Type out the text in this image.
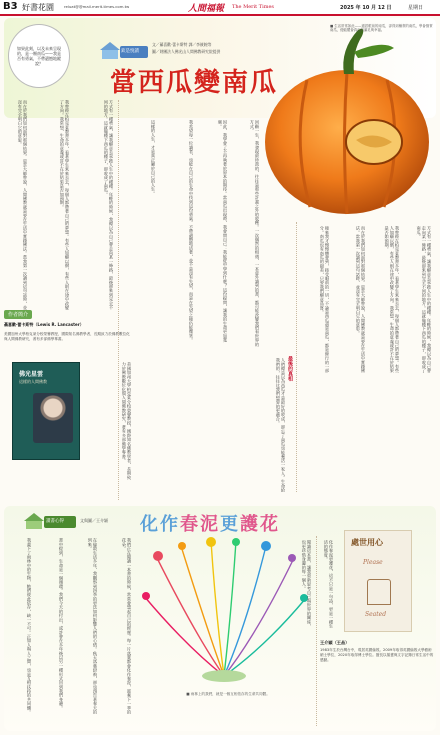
B3 好書花園	reluat@@mail.merit-times.com.tw	人間福報 The Merit Times	2025 年 10 月 12 日	星期日
如果此刻，以及未來呈現的，是一顆南瓜——我是否有勇氣，不帶遺憾地縱說？
欽是悅讀
文／聶喜歡‧蕾卡斯特 譯／李筱婉等
圖／財團法人佛光山人間佛教研究院提供
當西瓜變南瓜
方式有一種勇氣，讓我願意去承擔人生中的種種。年輕的時候，我總以為自己會走向某一條路，最後卻來到完全不同的地方。這就像種下西瓜的種子，卻收成了南瓜。
我曾經在柏克萊教書多年，看著學生來來去去，每個人都帶著自己的夢想。有些人如願以償，有些人則在途中改變了方向。我常想，生命的意義或許不在於結果是否如預期。
而在於我們如何面對那個結果。星雲大師曾說，人間佛教就是要在生活中實踐佛法。當我第一次讀到這句話時，並沒有完全明白它的意思。
後來我才慢慢體會到，接受眼前的一切，不論是西瓜還是南瓜，都是修行的一部分。南瓜也有南瓜的甜美，只要我們願意品嘗。
■ 生活常常如此——還認眼前的南瓜，卻得到種實的南瓜，學會揹實南瓜，便能體會真正的滿足與幸福。
回顧一生，我發現最珍貴的，往往是那些計畫之外的收穫。一次偶然的相遇，一本意外讀到的書，都可能改變我們看世界的方式。
因此，我學會了不再執著於原本的期待。當南瓜出現時，我會問自己：我能從中學到什麼？這份提問，讓我的生命更加寬廣。
我希望每一位讀者，也能在自己的生命中找到這份勇氣。不帶遺憾地活著，並不是沒有失望，而是在失望之後仍能微笑。
這樣的人生，才是真正屬於自己的人生。
最後的真相
人們總是以為西瓜才是最好的收成，卻忘了南瓜也能養活一家人。生命給我們的，往往比我們想要的更適合。
方式有一種勇氣，讓我願意去承擔人生中的種種。年輕的時候，我總以為自己會走向某一條路，最後卻來到完全不同的地方。這就像種下西瓜的種子，卻收成了南瓜。
我曾經在柏克萊教書多年，看著學生來來去去，每個人都帶著自己的夢想。有些人如願以償，有些人則在途中改變了方向。我常想，生命的意義或許不在於結果是否如預期。
而在於我們如何面對那個結果。星雲大師曾說，人間佛教就是要在生活中實踐佛法。當我第一次讀到這句話時，並沒有完全明白它的意思。
作者簡介
聶喜歡‧蕾卡斯特（Lewis R. Lancaster）
美國加州大學柏克萊分校榮譽教授，國際知名佛教學者，長期致力於佛教數位化與人間佛教研究，著有多部佛學專書。
佛光星雲
這樣的人間佛教	美國加州大學柏克萊分校榮譽教授，國際知名佛教學者，長期致力於佛教數位化與人間佛教研究，著有多部佛學專書。
讀書心得	文與圖／王介穎 化作春泥更護花
■ 雨林上的我們，就是一個互相依存的生命共同體。
我們正在閱讀一本書的時候，常常會想起自己的經歷。每一片落葉都會化作春泥，滋養下一季的花朵。
在倫敦生活多年，我觀察到四季的更迭如何影響人們的心情。秋天落葉紛飛，卻也預告著春天的到來。
書中提到，生命是一個循環。我們今天的付出，或許會在多年後以另一種形式回到我們身邊。
我畫下了雨林中的生物，牠們彼此依存，缺一不可。正如人與人之間，也是互相扶持的共同體。	閱讀這本書，讓我重新思考自己與世界的關係，也更珍惜身邊的每一個人。	化作春泥更護花，這不只是一句詩，更是一種生活的態度。	處世用心
Please
Seated
王介穎（王品）
1983年生於台灣台中，現居英國倫敦。2009年取得英國倫敦大學藝術碩士學位，2020年取得博士學位。擅長以插畫與文字記錄日常生活中的感動。
